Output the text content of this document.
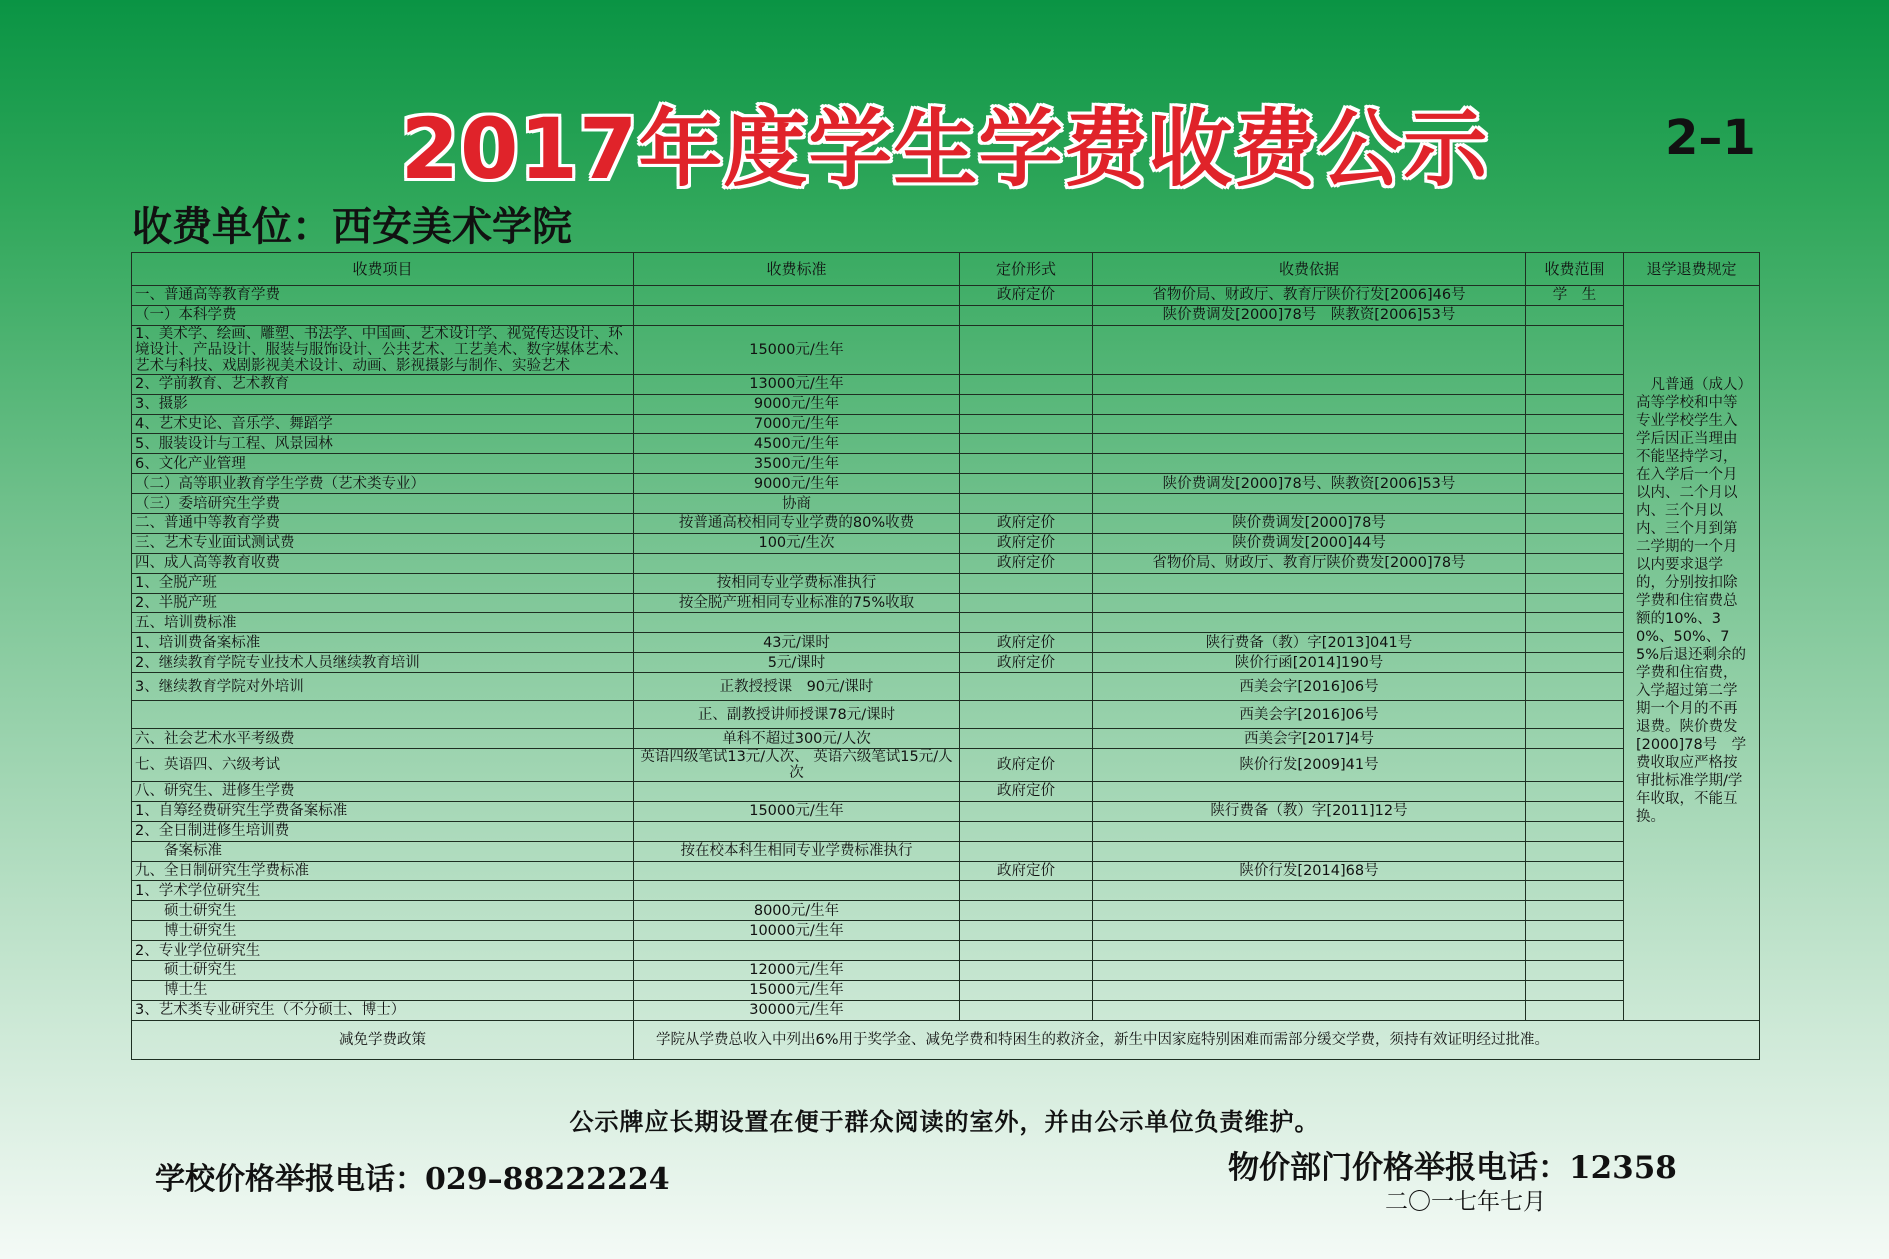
2017年度学生学费收费公示	2–1
收费单位：西安美术学院
收费项目	收费标准	定价形式	收费依据	收费范围	退学退费规定
一、普通高等教育学费		政府定价	省物价局、财政厅、教育厅陕价行发[2006]46号	学　生	　凡普通（成人）高等学校和中等专业学校学生入学后因正当理由不能坚持学习，在入学后一个月以内、二个月以内、三个月以内、三个月到第二学期的一个月以内要求退学的，分别按扣除学费和住宿费总额的10%、30%、50%、75%后退还剩余的学费和住宿费，入学超过第二学期一个月的不再退费。陕价费发[2000]78号　学费收取应严格按审批标准学期/学年收取，不能互换。
（一）本科学费			陕价费调发[2000]78号　陕教资[2006]53号		
1、美术学、绘画、雕塑、书法学、中国画、艺术设计学、视觉传达设计、环境设计、产品设计、服装与服饰设计、公共艺术、工艺美术、数字媒体艺术、艺术与科技、戏剧影视美术设计、动画、影视摄影与制作、实验艺术	15000元/生年				
2、学前教育、艺术教育	13000元/生年				
3、摄影	9000元/生年				
4、艺术史论、音乐学、舞蹈学	7000元/生年				
5、服装设计与工程、风景园林	4500元/生年				
6、文化产业管理	3500元/生年				
（二）高等职业教育学生学费（艺术类专业）	9000元/生年		陕价费调发[2000]78号、陕教资[2006]53号		
（三）委培研究生学费	协商				
二、普通中等教育学费	按普通高校相同专业学费的80%收费	政府定价	陕价费调发[2000]78号		
三、艺术专业面试测试费	100元/生次	政府定价	陕价费调发[2000]44号		
四、成人高等教育收费		政府定价	省物价局、财政厅、教育厅陕价费发[2000]78号		
1、全脱产班	按相同专业学费标准执行				
2、半脱产班	按全脱产班相同专业标准的75%收取				
五、培训费标准					
1、培训费备案标准	43元/课时	政府定价	陕行费备（教）字[2013]041号		
2、继续教育学院专业技术人员继续教育培训	5元/课时	政府定价	陕价行函[2014]190号		
3、继续教育学院对外培训	正教授授课　90元/课时		西美会字[2016]06号		
	正、副教授讲师授课78元/课时		西美会字[2016]06号		
六、社会艺术水平考级费	单科不超过300元/人次		西美会字[2017]4号		
七、英语四、六级考试	英语四级笔试13元/人次、 英语六级笔试15元/人次	政府定价	陕价行发[2009]41号		
八、研究生、进修生学费		政府定价			
1、自筹经费研究生学费备案标准	15000元/生年		陕行费备（教）字[2011]12号		
2、全日制进修生培训费					
　　备案标准	按在校本科生相同专业学费标准执行				
九、全日制研究生学费标准		政府定价	陕价行发[2014]68号		
1、学术学位研究生					
　　硕士研究生	8000元/生年				
　　博士研究生	10000元/生年				
2、专业学位研究生					
　　硕士研究生	12000元/生年				
　　博士生	15000元/生年				
3、艺术类专业研究生（不分硕士、博士）	30000元/生年				
减免学费政策	学院从学费总收入中列出6%用于奖学金、减免学费和特困生的救济金，新生中因家庭特别困难而需部分缓交学费，须持有效证明经过批准。				
公示牌应长期设置在便于群众阅读的室外，并由公示单位负责维护。
学校价格举报电话：029–88222224	物价部门价格举报电话：12358
二〇一七年七月
